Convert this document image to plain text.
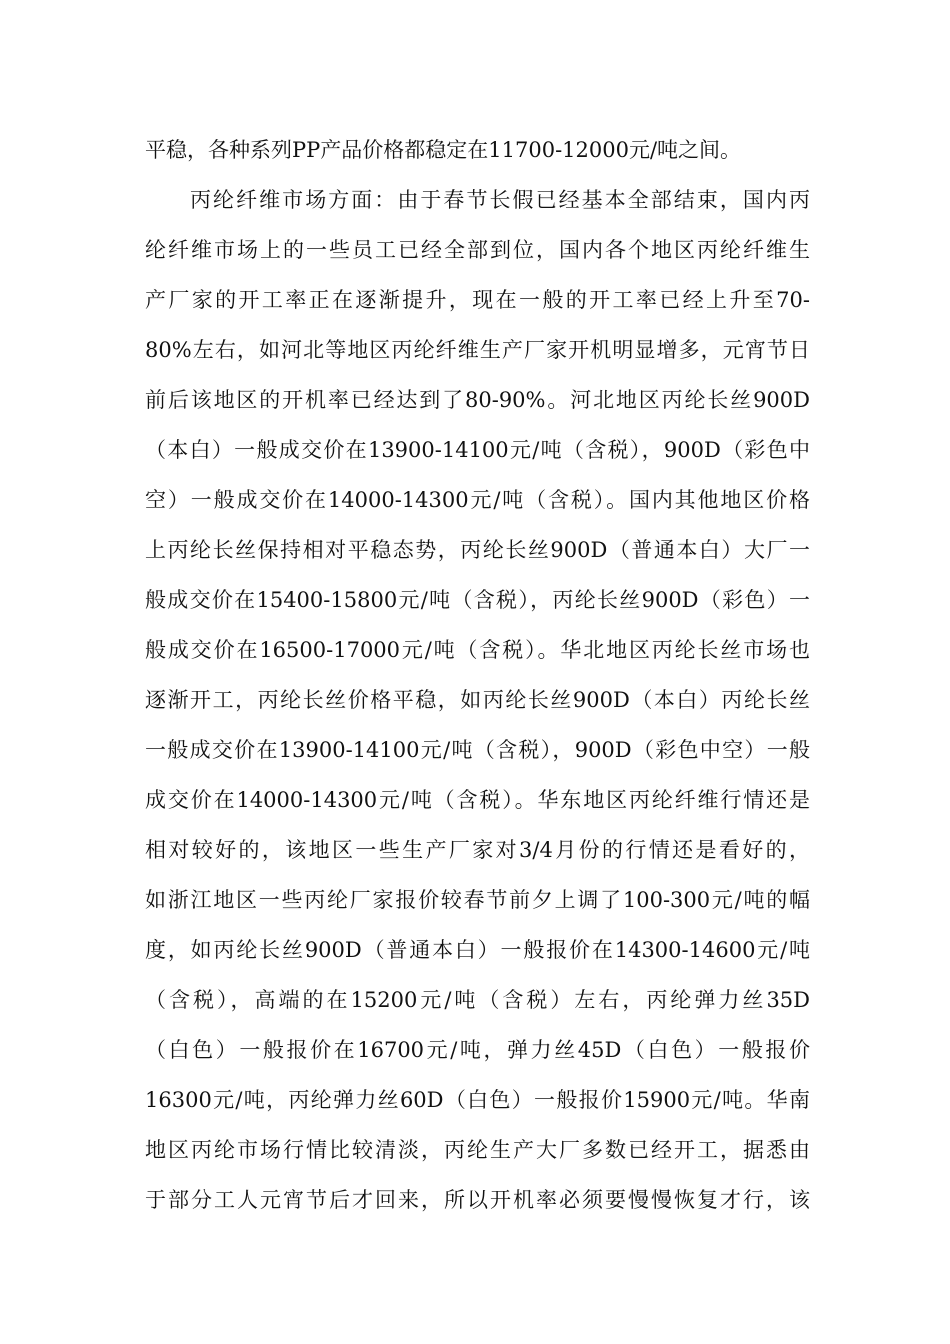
平稳，各种系列PP产品价格都稳定在11700-12000元/吨之间。
丙纶纤维市场方面：由于春节长假已经基本全部结束，国内丙
纶纤维市场上的一些员工已经全部到位，国内各个地区丙纶纤维生
产厂家的开工率正在逐渐提升，现在一般的开工率已经上升至70-
80%左右，如河北等地区丙纶纤维生产厂家开机明显增多，元宵节日
前后该地区的开机率已经达到了80-90%。河北地区丙纶长丝900D
（本白）一般成交价在13900-14100元/吨（含税），900D（彩色中
空）一般成交价在14000-14300元/吨（含税）。国内其他地区价格
上丙纶长丝保持相对平稳态势，丙纶长丝900D（普通本白）大厂一
般成交价在15400-15800元/吨（含税），丙纶长丝900D（彩色）一
般成交价在16500-17000元/吨（含税）。华北地区丙纶长丝市场也
逐渐开工，丙纶长丝价格平稳，如丙纶长丝900D（本白）丙纶长丝
一般成交价在13900-14100元/吨（含税），900D（彩色中空）一般
成交价在14000-14300元/吨（含税）。华东地区丙纶纤维行情还是
相对较好的，该地区一些生产厂家对3/4月份的行情还是看好的，
如浙江地区一些丙纶厂家报价较春节前夕上调了100-300元/吨的幅
度，如丙纶长丝900D（普通本白）一般报价在14300-14600元/吨
（含税），高端的在15200元/吨（含税）左右，丙纶弹力丝35D
（白色）一般报价在16700元/吨，弹力丝45D（白色）一般报价
16300元/吨，丙纶弹力丝60D（白色）一般报价15900元/吨。华南
地区丙纶市场行情比较清淡，丙纶生产大厂多数已经开工，据悉由
于部分工人元宵节后才回来，所以开机率必须要慢慢恢复才行，该
